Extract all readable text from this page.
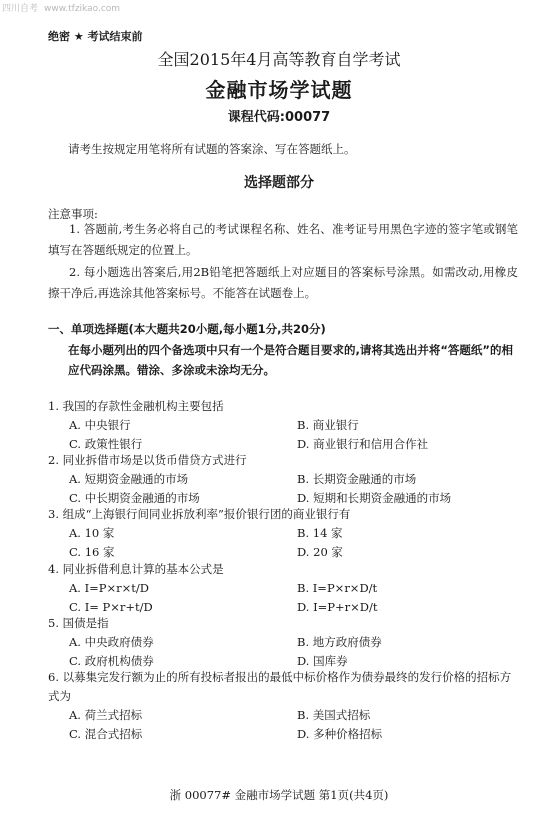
四川自考 www.tfzikao.com
绝密 ★ 考试结束前
全国2015年4月高等教育自学考试
金融市场学试题
课程代码:00077
请考生按规定用笔将所有试题的答案涂、写在答题纸上。
选择题部分
注意事项:
1. 答题前,考生务必将自己的考试课程名称、姓名、准考证号用黑色字迹的签字笔或钢笔填写在答题纸规定的位置上。
2. 每小题选出答案后,用2B铅笔把答题纸上对应题目的答案标号涂黑。如需改动,用橡皮擦干净后,再选涂其他答案标号。不能答在试题卷上。
一、单项选择题(本大题共20小题,每小题1分,共20分)
在每小题列出的四个备选项中只有一个是符合题目要求的,请将其选出并将“答题纸”的相应代码涂黑。错涂、多涂或未涂均无分。
1. 我国的存款性金融机构主要包括
A. 中央银行	B. 商业银行
C. 政策性银行	D. 商业银行和信用合作社
2. 同业拆借市场是以货币借贷方式进行
A. 短期资金融通的市场	B. 长期资金融通的市场
C. 中长期资金融通的市场	D. 短期和长期资金融通的市场
3. 组成“上海银行间同业拆放利率”报价银行团的商业银行有
A. 10 家	B. 14 家
C. 16 家	D. 20 家
4. 同业拆借利息计算的基本公式是
A. I=P×r×t/D	B. I=P×r×D/t
C. I= P×r+t/D	D. I=P+r×D/t
5. 国债是指
A. 中央政府债券	B. 地方政府债券
C. 政府机构债券	D. 国库券
6. 以募集完发行额为止的所有投标者报出的最低中标价格作为债券最终的发行价格的招标方式为
A. 荷兰式招标	B. 美国式招标
C. 混合式招标	D. 多种价格招标
浙 00077# 金融市场学试题 第1页(共4页)
